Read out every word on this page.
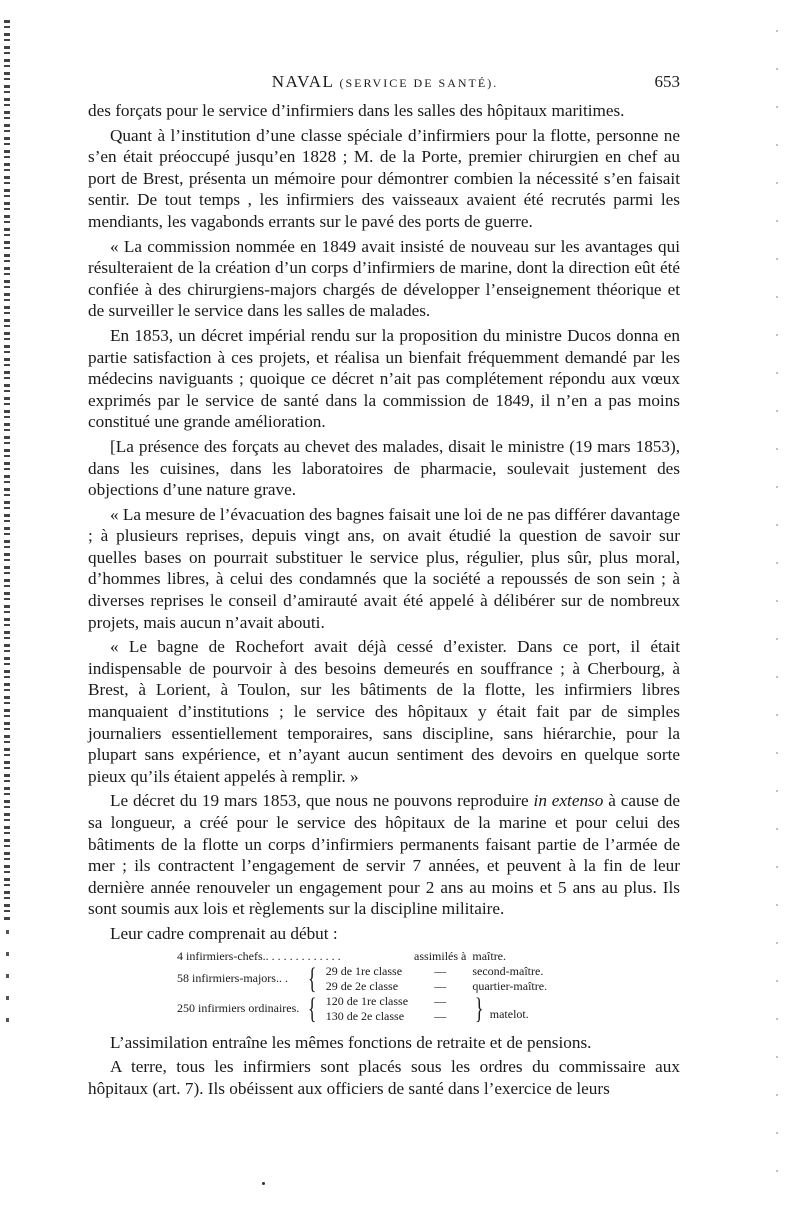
NAVAL (SERVICE DE SANTÉ).	653

des forçats pour le service d’infirmiers dans les salles des hôpitaux maritimes.

Quant à l’institution d’une classe spéciale d’infirmiers pour la flotte, personne ne s’en était préoccupé jusqu’en 1828 ; M. de la Porte, premier chirurgien en chef au port de Brest, présenta un mémoire pour démontrer combien la nécessité s’en faisait sentir. De tout temps , les infirmiers des vaisseaux avaient été recrutés parmi les mendiants, les vagabonds errants sur le pavé des ports de guerre.

« La commission nommée en 1849 avait insisté de nouveau sur les avantages qui résulteraient de la création d’un corps d’infirmiers de marine, dont la direction eût été confiée à des chirurgiens-majors chargés de développer l’enseignement théorique et de surveiller le service dans les salles de malades.

En 1853, un décret impérial rendu sur la proposition du ministre Ducos donna en partie satisfaction à ces projets, et réalisa un bienfait fréquemment demandé par les médecins naviguants ; quoique ce décret n’ait pas complétement répondu aux vœux exprimés par le service de santé dans la commission de 1849, il n’en a pas moins constitué une grande amélioration.

[La présence des forçats au chevet des malades, disait le ministre (19 mars 1853), dans les cuisines, dans les laboratoires de pharmacie, soulevait justement des objections d’une nature grave.

« La mesure de l’évacuation des bagnes faisait une loi de ne pas différer davantage ; à plusieurs reprises, depuis vingt ans, on avait étudié la question de savoir sur quelles bases on pourrait substituer le service plus, régulier, plus sûr, plus moral, d’hommes libres, à celui des condamnés que la société a repoussés de son sein ; à diverses reprises le conseil d’amirauté avait été appelé à délibérer sur de nombreux projets, mais aucun n’avait abouti.

« Le bagne de Rochefort avait déjà cessé d’exister. Dans ce port, il était indispensable de pourvoir à des besoins demeurés en souffrance ; à Cherbourg, à Brest, à Lorient, à Toulon, sur les bâtiments de la flotte, les infirmiers libres manquaient d’institutions ; le service des hôpitaux y était fait par de simples journaliers essentiellement temporaires, sans discipline, sans hiérarchie, pour la plupart sans expérience, et n’ayant aucun sentiment des devoirs en quelque sorte pieux qu’ils étaient appelés à remplir. »

Le décret du 19 mars 1853, que nous ne pouvons reproduire in extenso à cause de sa longueur, a créé pour le service des hôpitaux de la marine et pour celui des bâtiments de la flotte un corps d’infirmiers permanents faisant partie de l’armée de mer ; ils contractent l’engagement de servir 7 années, et peuvent à la fin de leur dernière année renouveler un engagement pour 2 ans au moins et 5 ans au plus. Ils sont soumis aux lois et règlements sur la discipline militaire.

Leur cadre comprenait au début :

4 infirmiers-chefs.. . . . . . . . . . . . .			assimilés à	maître.
58 infirmiers-majors.. .	{	29 de 1re classe	—	second-maître.
		29 de 2e classe	—	quartier-maître.
250 infirmiers ordinaires.	{	120 de 1re classe	—	} matelot.
		130 de 2e classe	—	

L’assimilation entraîne les mêmes fonctions de retraite et de pensions.

A terre, tous les infirmiers sont placés sous les ordres du commissaire aux hôpitaux (art. 7). Ils obéissent aux officiers de santé dans l’exercice de leurs
